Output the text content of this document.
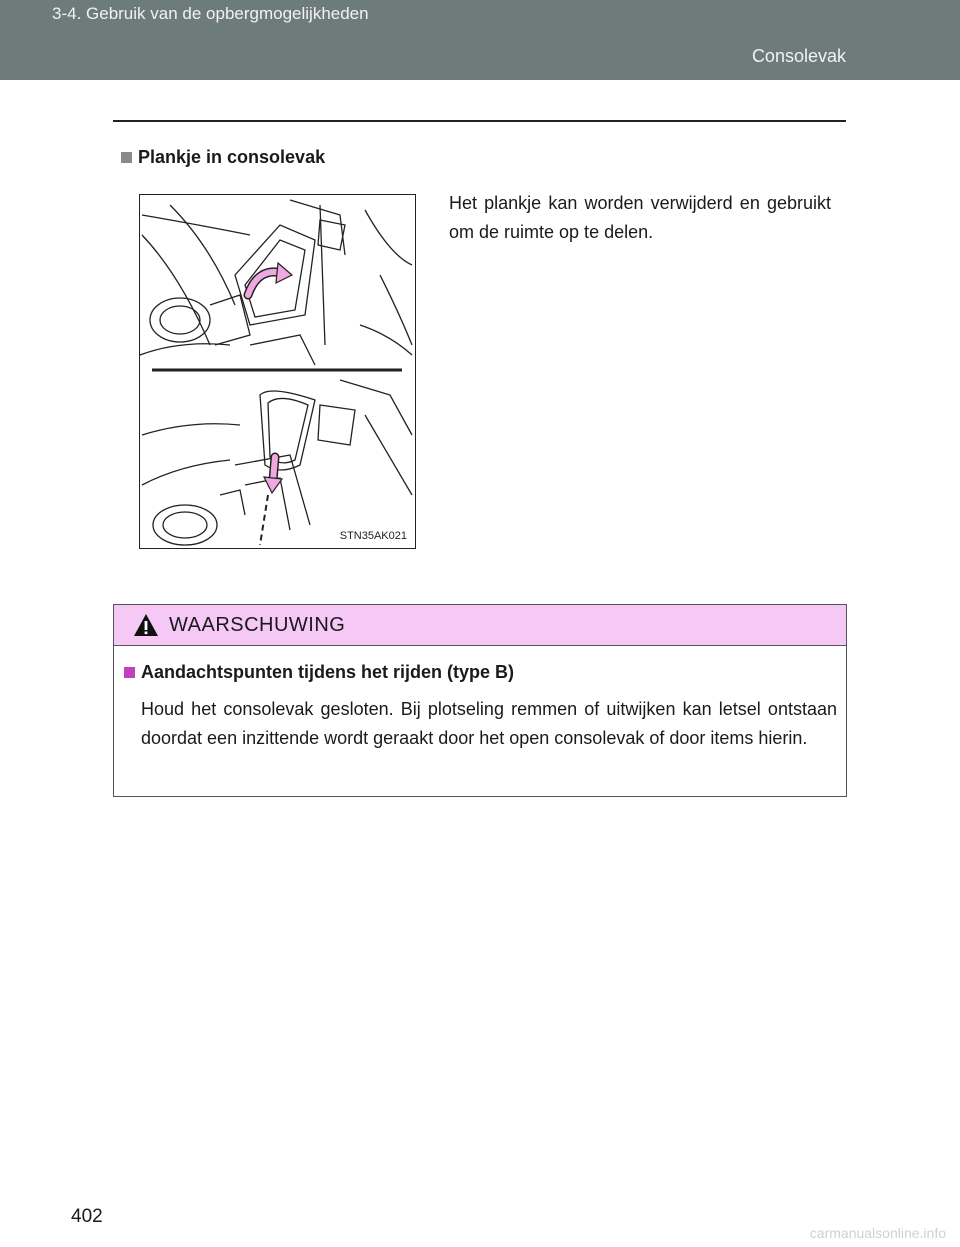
3-4. Gebruik van de opbergmogelijkheden
Consolevak
Plankje in consolevak
STN35AK021
Het plankje kan worden verwijderd en gebruikt om de ruimte op te delen.
WAARSCHUWING
Aandachtspunten tijdens het rijden (type B)
Houd het consolevak gesloten. Bij plotseling remmen of uitwijken kan letsel ontstaan doordat een inzittende wordt geraakt door het open consolevak of door items hierin.
402
carmanualsonline.info
